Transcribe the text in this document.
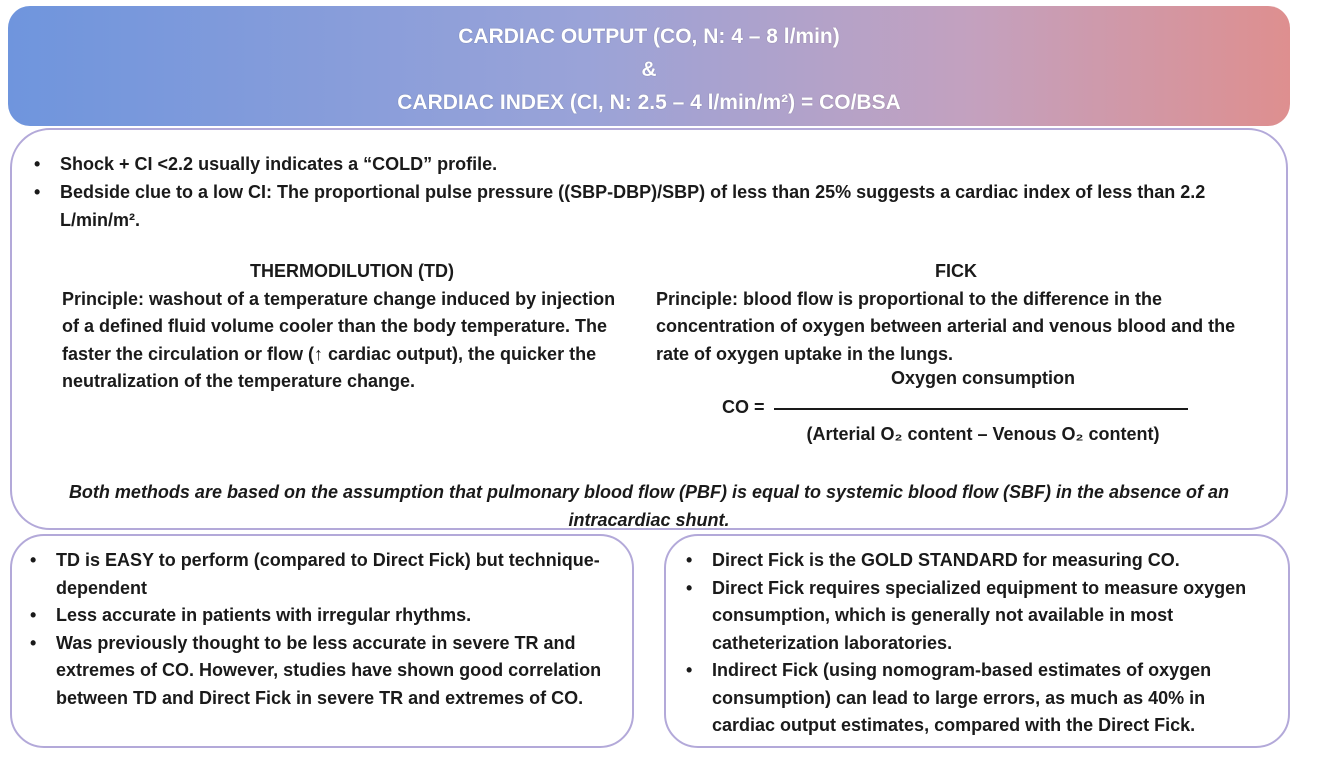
CARDIAC OUTPUT (CO, N: 4 – 8 l/min)
&
CARDIAC INDEX (CI, N: 2.5 – 4 l/min/m²) = CO/BSA
• Shock + CI <2.2 usually indicates a “COLD” profile.
• Bedside clue to a low CI: The proportional pulse pressure ((SBP-DBP)/SBP) of less than 25% suggests a cardiac index of less than 2.2 L/min/m².
THERMODILUTION (TD)
Principle: washout of a temperature change induced by injection of a defined fluid volume cooler than the body temperature. The faster the circulation or flow (↑ cardiac output), the quicker the neutralization of the temperature change.
FICK
Principle: blood flow is proportional to the difference in the concentration of oxygen between arterial and venous blood and the rate of oxygen uptake in the lungs.
CO =
Oxygen consumption
(Arterial O₂ content – Venous O₂ content)
Both methods are based on the assumption that pulmonary blood flow (PBF) is equal to systemic blood flow (SBF) in the absence of an intracardiac shunt.
• TD is EASY to perform (compared to Direct Fick) but technique-dependent
• Less accurate in patients with irregular rhythms.
• Was previously thought to be less accurate in severe TR and extremes of CO. However, studies have shown good correlation between TD and Direct Fick in severe TR and extremes of CO.
• Direct Fick is the GOLD STANDARD for measuring CO.
• Direct Fick requires specialized equipment to measure oxygen consumption, which is generally not available in most catheterization laboratories.
• Indirect Fick (using nomogram-based estimates of oxygen consumption) can lead to large errors, as much as 40% in cardiac output estimates, compared with the Direct Fick.
